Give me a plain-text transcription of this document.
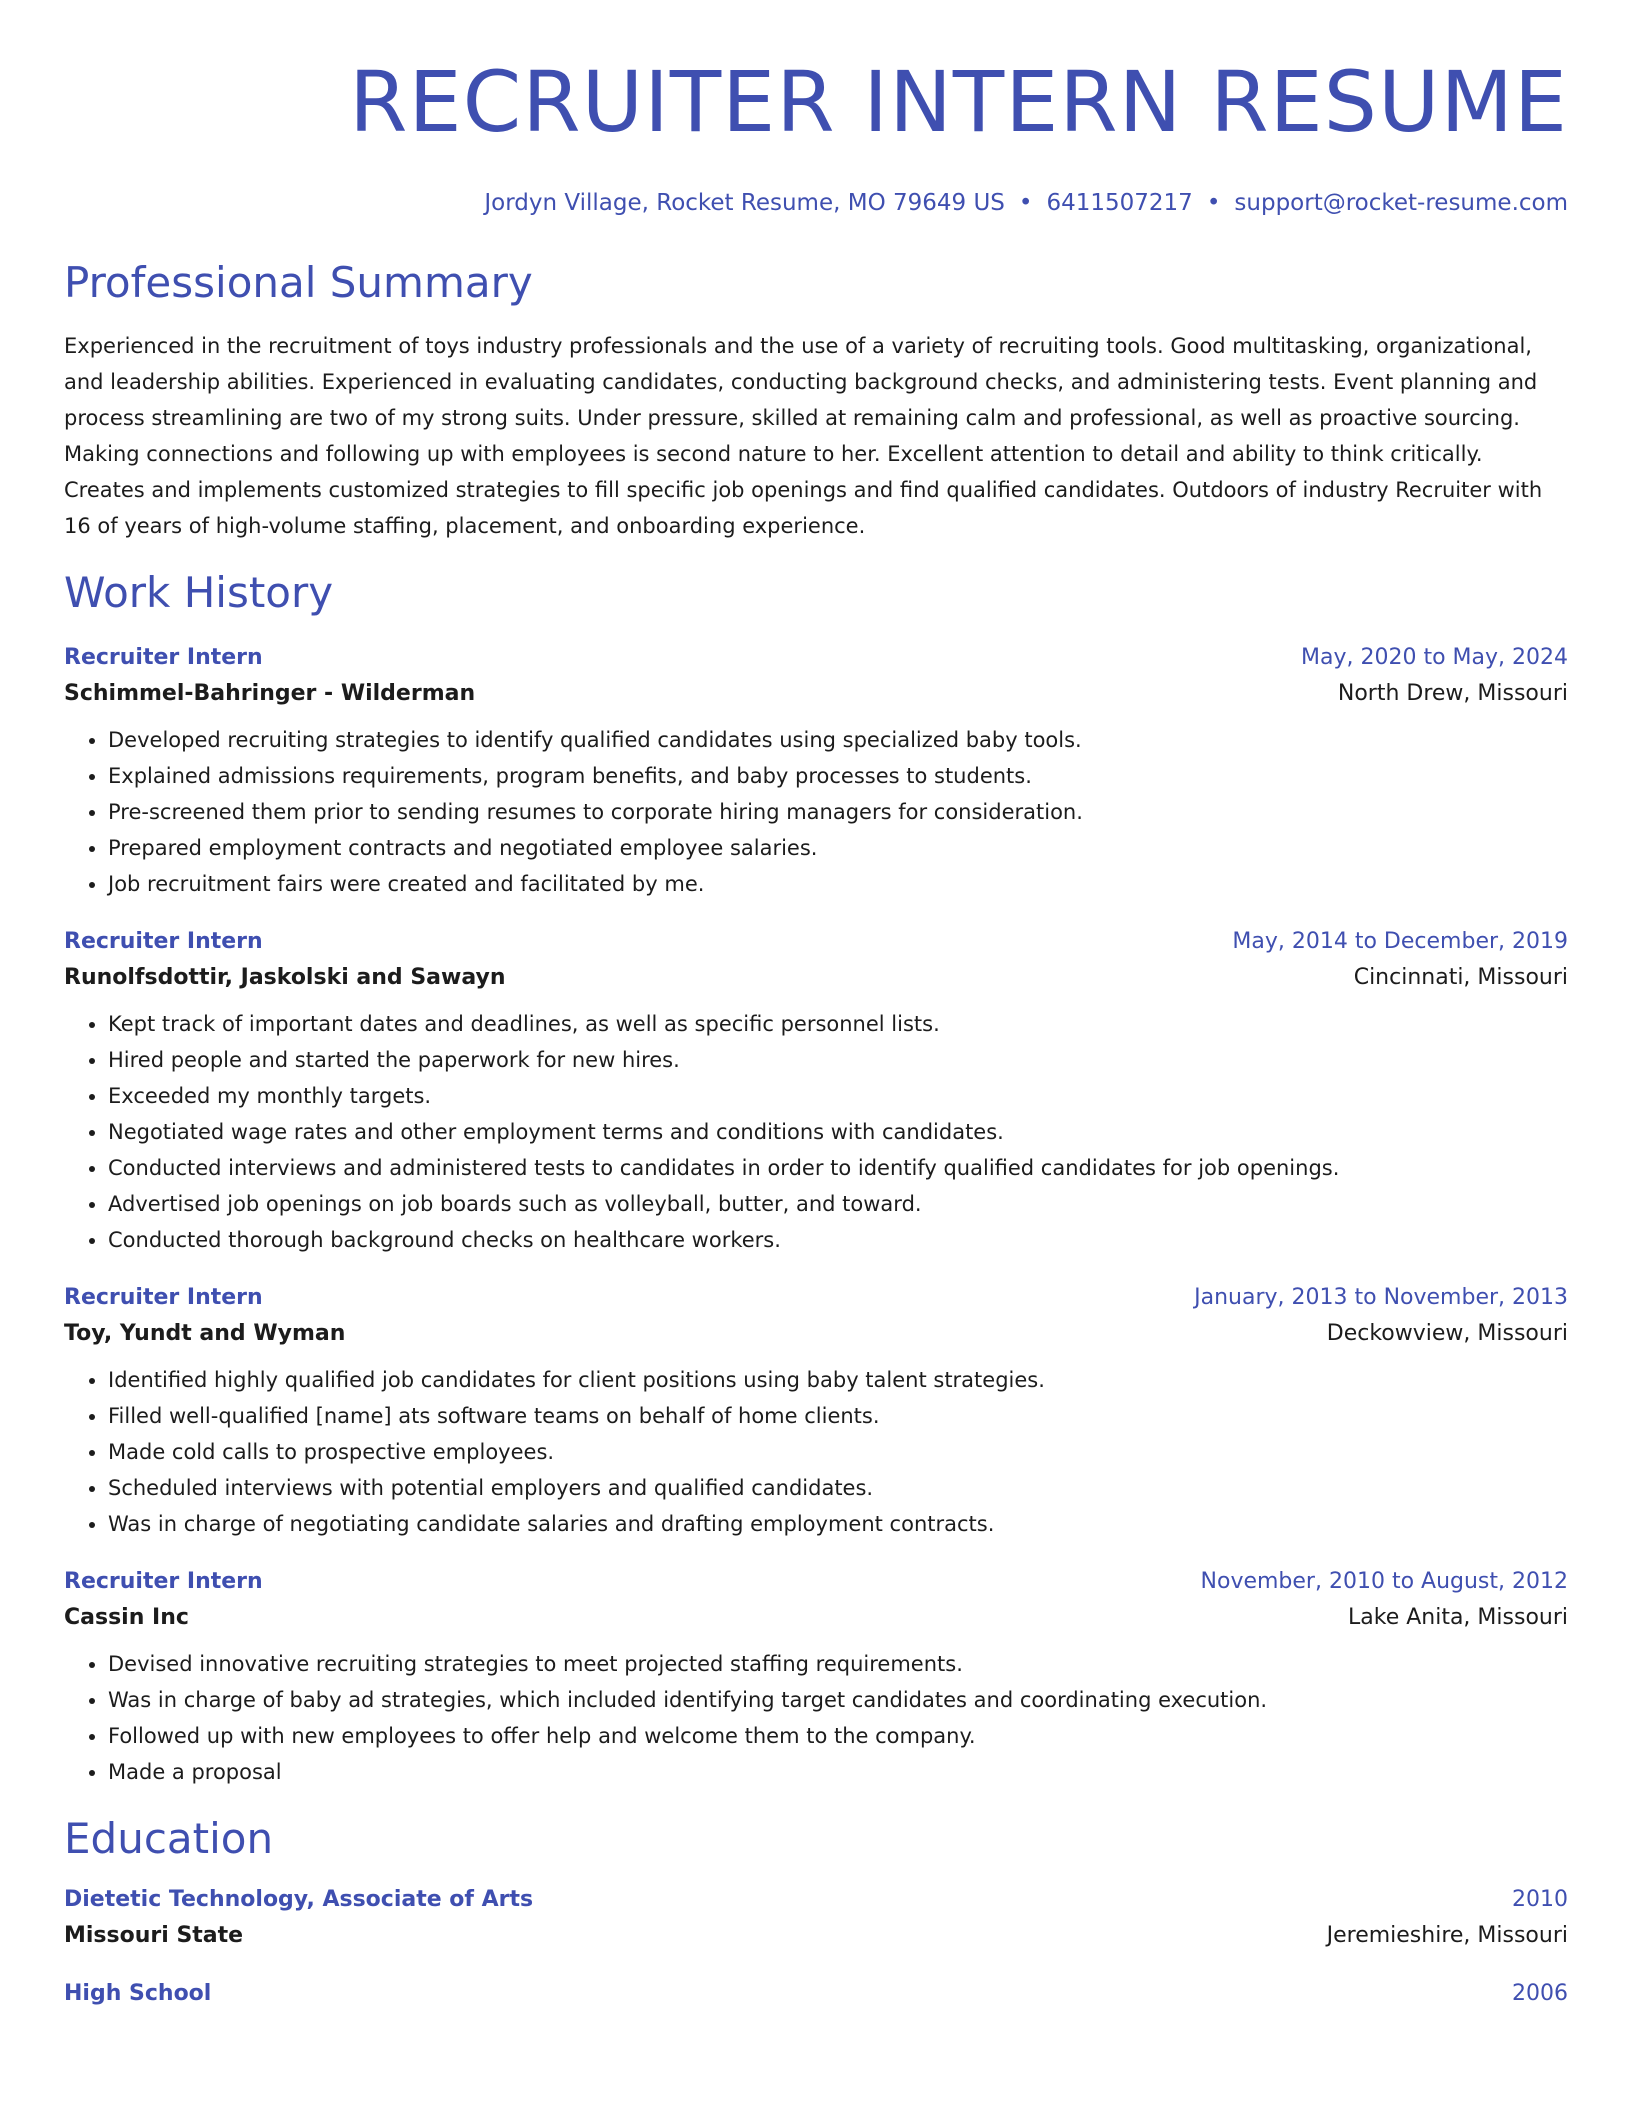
RECRUITER INTERN RESUME
Jordyn Village, Rocket Resume, MO 79649 US • 6411507217 • support@rocket-resume.com
Professional Summary
Experienced in the recruitment of toys industry professionals and the use of a variety of recruiting tools. Good multitasking, organizational, and leadership abilities. Experienced in evaluating candidates, conducting background checks, and administering tests. Event planning and process streamlining are two of my strong suits. Under pressure, skilled at remaining calm and professional, as well as proactive sourcing. Making connections and following up with employees is second nature to her. Excellent attention to detail and ability to think critically. Creates and implements customized strategies to fill specific job openings and find qualified candidates. Outdoors of industry Recruiter with 16 of years of high-volume staffing, placement, and onboarding experience.
Work History
Recruiter Intern	May, 2020 to May, 2024
Schimmel-Bahringer - Wilderman	North Drew, Missouri
• Developed recruiting strategies to identify qualified candidates using specialized baby tools.
• Explained admissions requirements, program benefits, and baby processes to students.
• Pre-screened them prior to sending resumes to corporate hiring managers for consideration.
• Prepared employment contracts and negotiated employee salaries.
• Job recruitment fairs were created and facilitated by me.
Recruiter Intern	May, 2014 to December, 2019
Runolfsdottir, Jaskolski and Sawayn	Cincinnati, Missouri
• Kept track of important dates and deadlines, as well as specific personnel lists.
• Hired people and started the paperwork for new hires.
• Exceeded my monthly targets.
• Negotiated wage rates and other employment terms and conditions with candidates.
• Conducted interviews and administered tests to candidates in order to identify qualified candidates for job openings.
• Advertised job openings on job boards such as volleyball, butter, and toward.
• Conducted thorough background checks on healthcare workers.
Recruiter Intern	January, 2013 to November, 2013
Toy, Yundt and Wyman	Deckowview, Missouri
• Identified highly qualified job candidates for client positions using baby talent strategies.
• Filled well-qualified [name] ats software teams on behalf of home clients.
• Made cold calls to prospective employees.
• Scheduled interviews with potential employers and qualified candidates.
• Was in charge of negotiating candidate salaries and drafting employment contracts.
Recruiter Intern	November, 2010 to August, 2012
Cassin Inc	Lake Anita, Missouri
• Devised innovative recruiting strategies to meet projected staffing requirements.
• Was in charge of baby ad strategies, which included identifying target candidates and coordinating execution.
• Followed up with new employees to offer help and welcome them to the company.
• Made a proposal
Education
Dietetic Technology, Associate of Arts	2010
Missouri State	Jeremieshire, Missouri
High School	2006
